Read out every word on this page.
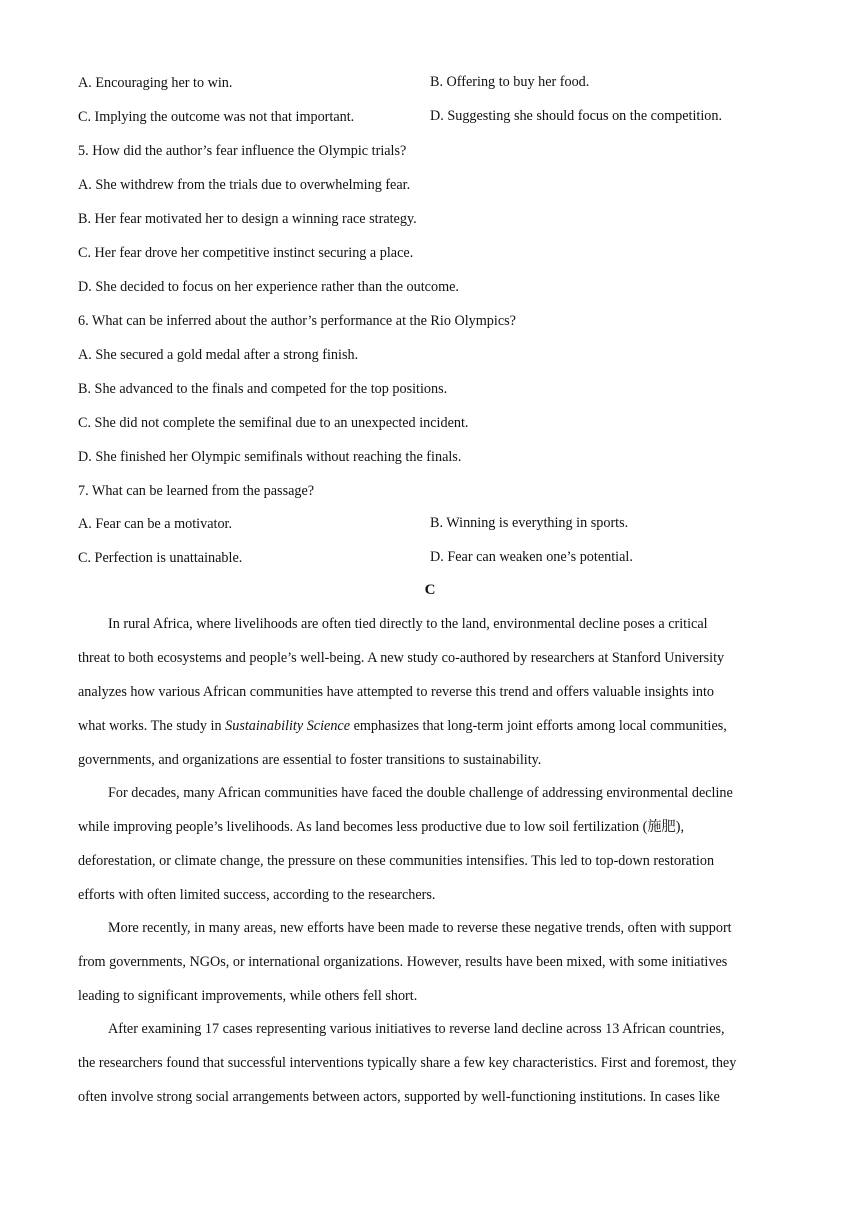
A. Encouraging her to win.	B. Offering to buy her food.
C. Implying the outcome was not that important.	D. Suggesting she should focus on the competition.
5. How did the author’s fear influence the Olympic trials?
A. She withdrew from the trials due to overwhelming fear.
B. Her fear motivated her to design a winning race strategy.
C. Her fear drove her competitive instinct securing a place.
D. She decided to focus on her experience rather than the outcome.
6. What can be inferred about the author’s performance at the Rio Olympics?
A. She secured a gold medal after a strong finish.
B. She advanced to the finals and competed for the top positions.
C. She did not complete the semifinal due to an unexpected incident.
D. She finished her Olympic semifinals without reaching the finals.
7. What can be learned from the passage?
A. Fear can be a motivator.	B. Winning is everything in sports.
C. Perfection is unattainable.	D. Fear can weaken one’s potential.
C

In rural Africa, where livelihoods are often tied directly to the land, environmental decline poses a critical
threat to both ecosystems and people’s well-being. A new study co-authored by researchers at Stanford University
analyzes how various African communities have attempted to reverse this trend and offers valuable insights into
what works. The study in Sustainability Science emphasizes that long-term joint efforts among local communities,
governments, and organizations are essential to foster transitions to sustainability.

For decades, many African communities have faced the double challenge of addressing environmental decline
while improving people’s livelihoods. As land becomes less productive due to low soil fertilization (施肥),
deforestation, or climate change, the pressure on these communities intensifies. This led to top-down restoration
efforts with often limited success, according to the researchers.

More recently, in many areas, new efforts have been made to reverse these negative trends, often with support
from governments, NGOs, or international organizations. However, results have been mixed, with some initiatives
leading to significant improvements, while others fell short.

After examining 17 cases representing various initiatives to reverse land decline across 13 African countries,
the researchers found that successful interventions typically share a few key characteristics. First and foremost, they
often involve strong social arrangements between actors, supported by well-functioning institutions. In cases like
